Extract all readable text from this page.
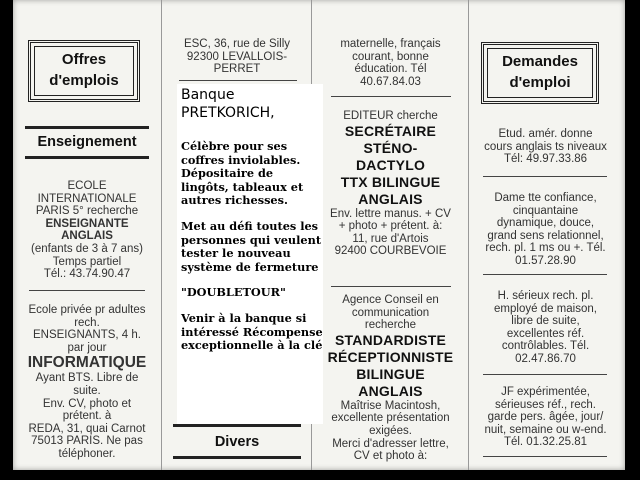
Offres
d'emplois
Enseignement
ECOLE
INTERNATIONALE
PARIS 5° recherche
ENSEIGNANTE
ANGLAIS
(enfants de 3 à 7 ans)
Temps partiel
Tél.: 43.74.90.47
Ecole privée pr adultes
rech.
ENSEIGNANTS, 4 h.
par jour
INFORMATIQUE
Ayant BTS. Libre de
suite.
Env. CV, photo et
prétent. à
REDA, 31, quai Carnot
75013 PARIS. Ne pas
téléphoner.
ESC, 36, rue de Silly
92300 LEVALLOIS-
PERRET
Divers
maternelle, français
courant, bonne
éducation. Tél
40.67.84.03
EDITEUR cherche
SECRÉTAIRE
STÉNO-
DACTYLO
TTX BILINGUE
ANGLAIS
Env. lettre manus. + CV
+ photo + prétent. à:
11, rue d'Artois
92400 COURBEVOIE
Agence Conseil en
communication
recherche
STANDARDISTE
RÉCEPTIONNISTE
BILINGUE
ANGLAIS
Maîtrise Macintosh,
excellente présentation
exigées.
Merci d'adresser lettre,
CV et photo à:
Demandes
d'emploi
Etud. amér. donne
cours anglais ts niveaux
Tél: 49.97.33.86
Dame tte confiance,
cinquantaine
dynamique, douce,
grand sens relationnel,
rech. pl. 1 ms ou +. Tél.
01.57.28.90
H. sérieux rech. pl.
employé de maison,
libre de suite,
excellentes réf.
contrôlables. Tél.
02.47.86.70
JF expérimentée,
sérieuses réf., rech.
garde pers. âgée, jour/
nuit, semaine ou w-end.
Tél. 01.32.25.81
Banque
PRETKORICH,
Célèbre pour ses coffres inviolables. Dépositaire de lingôts, tableaux et autres richesses.
Met au défi toutes les personnes qui veulent tester le nouveau système de fermeture
"DOUBLETOUR"
Venir à la banque si intéressé Récompense exceptionnelle à la clé
